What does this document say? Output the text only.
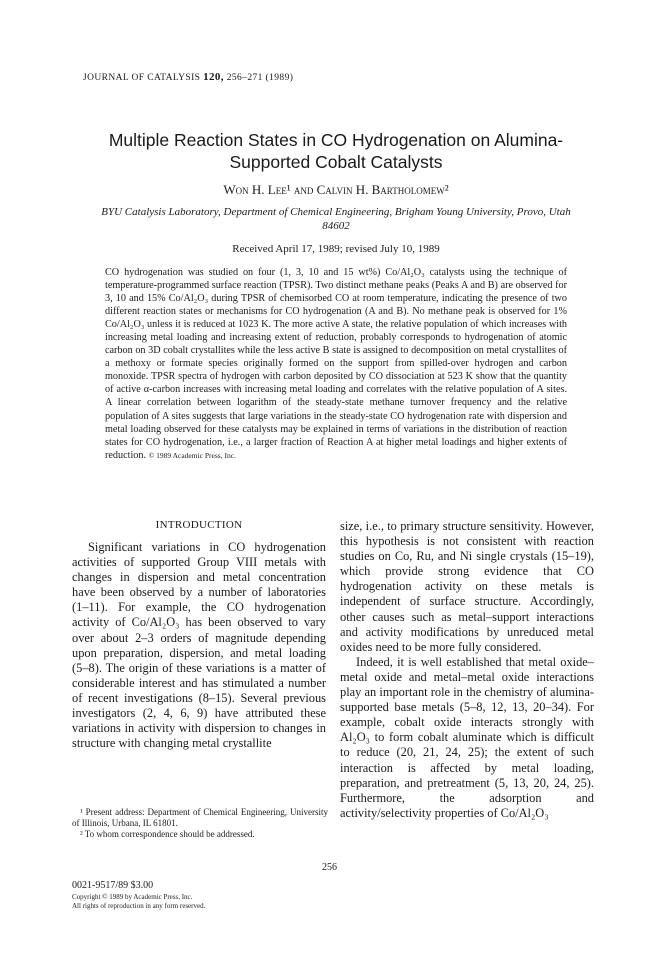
JOURNAL OF CATALYSIS 120, 256–271 (1989)
Multiple Reaction States in CO Hydrogenation on Alumina-Supported Cobalt Catalysts
Won H. Lee¹ and Calvin H. Bartholomew²
BYU Catalysis Laboratory, Department of Chemical Engineering, Brigham Young University, Provo, Utah 84602
Received April 17, 1989; revised July 10, 1989
CO hydrogenation was studied on four (1, 3, 10 and 15 wt%) Co/Al₂O₃ catalysts using the technique of temperature-programmed surface reaction (TPSR). Two distinct methane peaks (Peaks A and B) are observed for 3, 10 and 15% Co/Al₂O₃ during TPSR of chemisorbed CO at room temperature, indicating the presence of two different reaction states or mechanisms for CO hydrogenation (A and B). No methane peak is observed for 1% Co/Al₂O₃ unless it is reduced at 1023 K. The more active A state, the relative population of which increases with increasing metal loading and increasing extent of reduction, probably corresponds to hydrogenation of atomic carbon on 3D cobalt crystallites while the less active B state is assigned to decomposition on metal crystallites of a methoxy or formate species originally formed on the support from spilled-over hydrogen and carbon monoxide. TPSR spectra of hydrogen with carbon deposited by CO dissociation at 523 K show that the quantity of active α-carbon increases with increasing metal loading and correlates with the relative population of A sites. A linear correlation between logarithm of the steady-state methane turnover frequency and the relative population of A sites suggests that large variations in the steady-state CO hydrogenation rate with dispersion and metal loading observed for these catalysts may be explained in terms of variations in the distribution of reaction states for CO hydrogenation, i.e., a larger fraction of Reaction A at higher metal loadings and higher extents of reduction. © 1989 Academic Press, Inc.
INTRODUCTION

Significant variations in CO hydrogenation activities of supported Group VIII metals with changes in dispersion and metal concentration have been observed by a number of laboratories (1–11). For example, the CO hydrogenation activity of Co/Al₂O₃ has been observed to vary over about 2–3 orders of magnitude depending upon preparation, dispersion, and metal loading (5–8). The origin of these variations is a matter of considerable interest and has stimulated a number of recent investigations (8–15). Several previous investigators (2, 4, 6, 9) have attributed these variations in activity with dispersion to changes in structure with changing metal crystallite

size, i.e., to primary structure sensitivity. However, this hypothesis is not consistent with reaction studies on Co, Ru, and Ni single crystals (15–19), which provide strong evidence that CO hydrogenation activity on these metals is independent of surface structure. Accordingly, other causes such as metal–support interactions and activity modifications by unreduced metal oxides need to be more fully considered.

Indeed, it is well established that metal oxide–metal oxide and metal–metal oxide interactions play an important role in the chemistry of alumina-supported base metals (5–8, 12, 13, 20–34). For example, cobalt oxide interacts strongly with Al₂O₃ to form cobalt aluminate which is difficult to reduce (20, 21, 24, 25); the extent of such interaction is affected by metal loading, preparation, and pretreatment (5, 13, 20, 24, 25). Furthermore, the adsorption and activity/selectivity properties of Co/Al₂O₃

¹ Present address: Department of Chemical Engineering, University of Illinois, Urbana, IL 61801.

² To whom correspondence should be addressed.

256
0021-9517/89 $3.00
Copyright © 1989 by Academic Press, Inc.
All rights of reproduction in any form reserved.
